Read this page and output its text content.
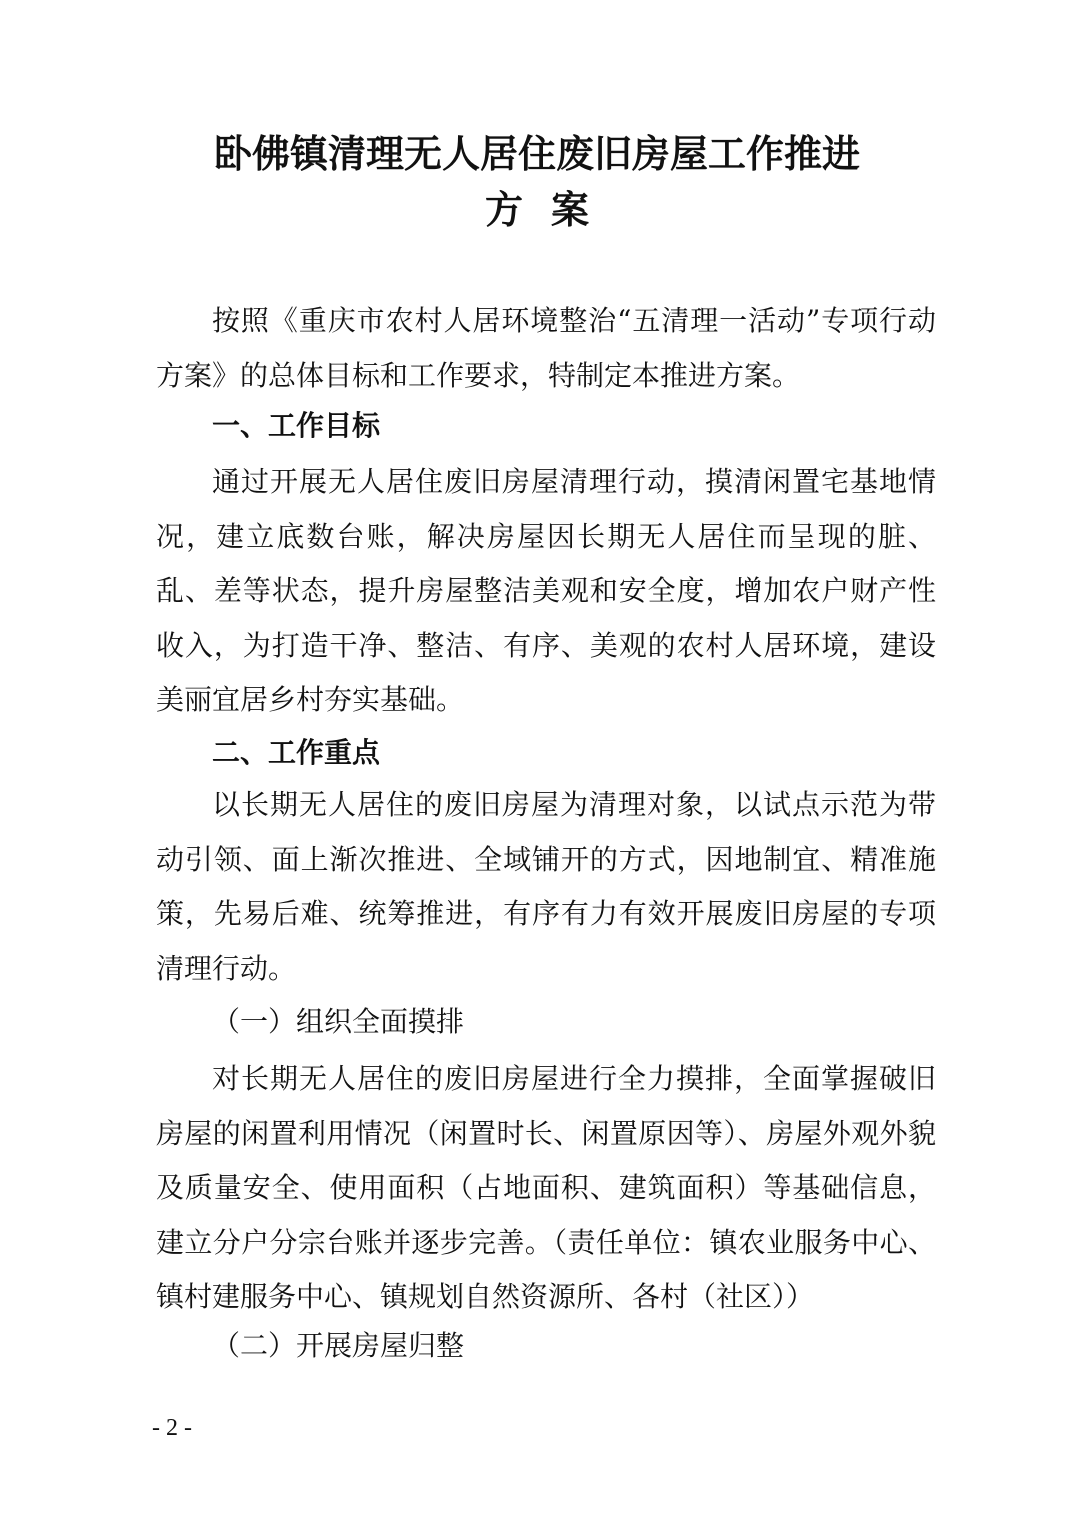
卧佛镇清理无人居住废旧房屋工作推进
方案

按照《重庆市农村人居环境整治“五清理一活动”专项行动方案》的总体目标和工作要求，特制定本推进方案。

一、工作目标

通过开展无人居住废旧房屋清理行动，摸清闲置宅基地情况，建立底数台账，解决房屋因长期无人居住而呈现的脏、乱、差等状态，提升房屋整洁美观和安全度，增加农户财产性收入，为打造干净、整洁、有序、美观的农村人居环境，建设美丽宜居乡村夯实基础。

二、工作重点

以长期无人居住的废旧房屋为清理对象，以试点示范为带动引领、面上渐次推进、全域铺开的方式，因地制宜、精准施策，先易后难、统筹推进，有序有力有效开展废旧房屋的专项清理行动。

（一）组织全面摸排

对长期无人居住的废旧房屋进行全力摸排，全面掌握破旧房屋的闲置利用情况（闲置时长、闲置原因等）、房屋外观外貌及质量安全、使用面积（占地面积、建筑面积）等基础信息，建立分户分宗台账并逐步完善。（责任单位：镇农业服务中心、镇村建服务中心、镇规划自然资源所、各村（社区））

（二）开展房屋归整

- 2 -
